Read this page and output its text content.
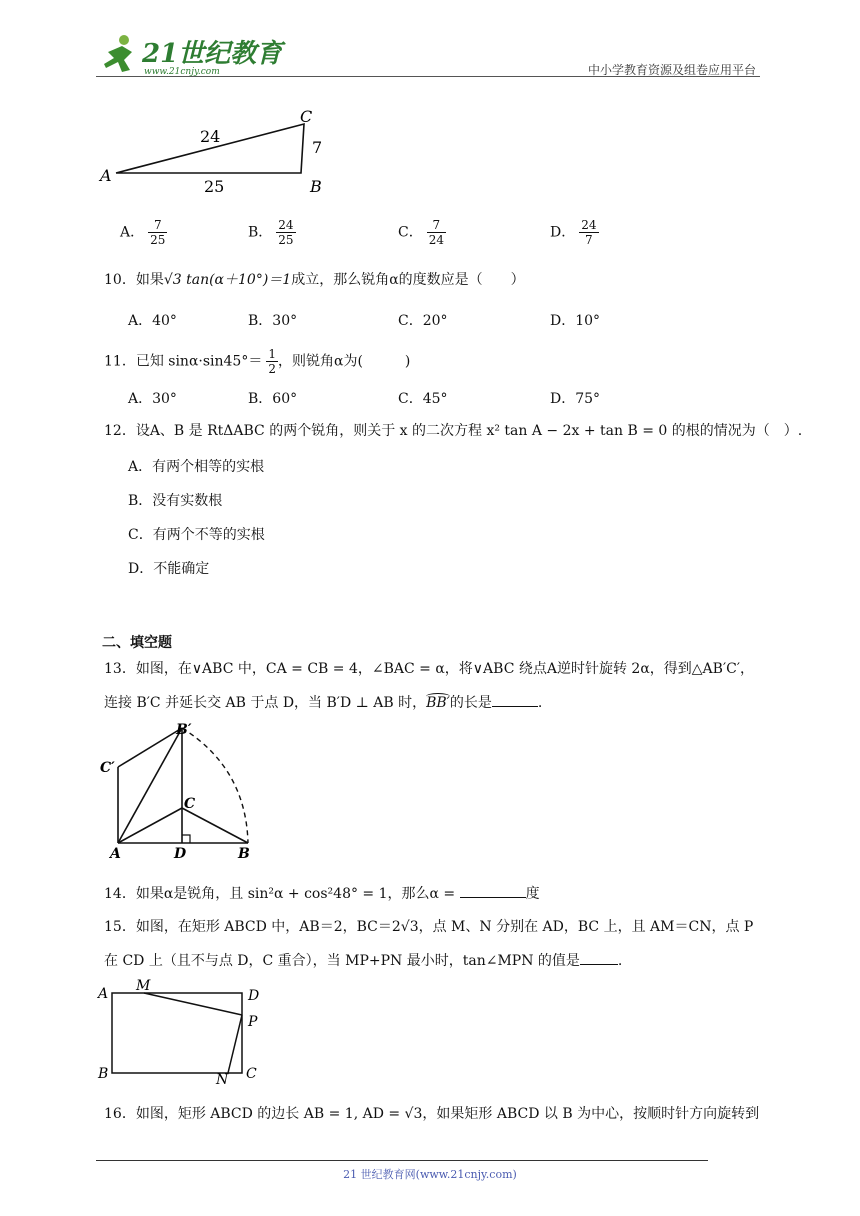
21世纪教育
www.21cnjy.com	中小学教育资源及组卷应用平台
A
B
C
24
25
7
A． $\frac{7}{25}$	B． $\frac{24}{25}$	C． $\frac{7}{24}$	D． $\frac{24}{7}$
10．如果√3 tan(α＋10°)＝1成立，那么锐角α的度数应是（　　）
A．40°	B．30°	C．20°	D．10°
11．已知 $\sin\alpha\cdot\sin 45^\circ= \frac{1}{2}$ ，则锐角α为(　　　)
A．30°	B．60°	C．45°	D．75°
12．设A、B 是 RtΔABC 的两个锐角，则关于 x 的二次方程 x² tan A − 2x + tan B = 0 的根的情况为（　）.
A．有两个相等的实根
B．没有实数根
C．有两个不等的实根
D．不能确定
二、填空题
13．如图，在∨ABC 中，CA = CB = 4，∠BAC = α，将∨ABC 绕点A逆时针旋转 2α，得到△AB′C′，
连接 B′C 并延长交 AB 于点 D，当 B′D ⊥ AB 时，
BB′的长是	.
B′
C′
C
A	D	B
14．如果α是锐角，且 sin²α + cos²48° = 1，那么α =	度
15．如图，在矩形 ABCD 中，AB＝2，BC＝2√3，点 M、N 分别在 AD，BC 上，且 AM＝CN，点 P
在 CD 上（且不与点 D，C 重合），当 MP+PN 最小时，tan∠MPN 的值是	.
A M
D
P
B	N C
16．如图，矩形 ABCD 的边长 AB = 1, AD = √3，如果矩形 ABCD 以 B 为中心，按顺时针方向旋转到
21 世纪教育网(www.21cnjy.com)
